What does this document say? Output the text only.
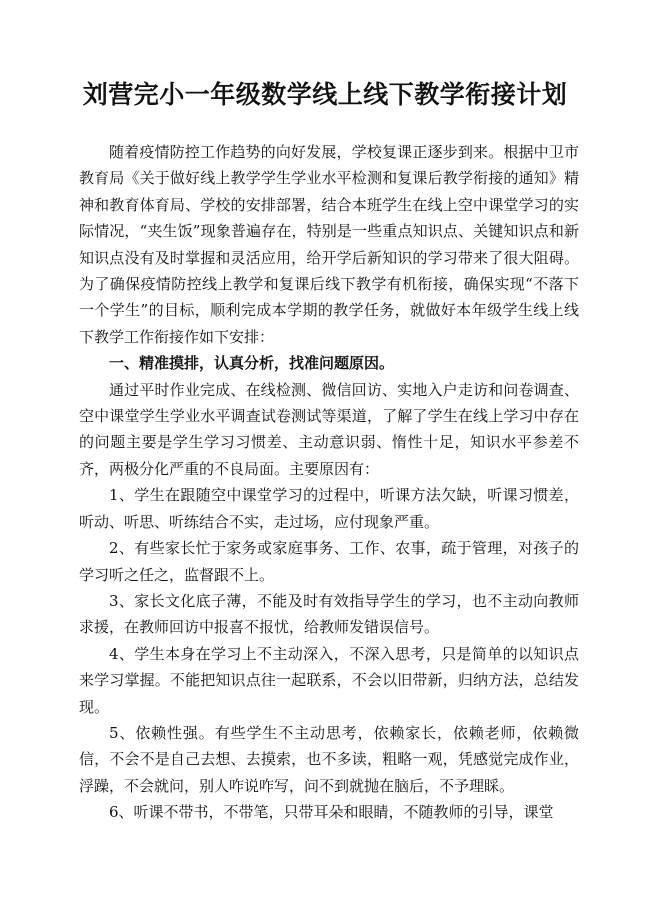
刘营完小一年级数学线上线下教学衔接计划

随着疫情防控工作趋势的向好发展，学校复课正逐步到来。根据中卫市教育局《关于做好线上教学学生学业水平检测和复课后教学衔接的通知》精神和教育体育局、学校的安排部署，结合本班学生在线上空中课堂学习的实际情况，“夹生饭”现象普遍存在，特别是一些重点知识点、关键知识点和新知识点没有及时掌握和灵活应用，给开学后新知识的学习带来了很大阻碍。为了确保疫情防控线上教学和复课后线下教学有机衔接，确保实现“不落下一个学生”的目标，顺利完成本学期的教学任务，就做好本年级学生线上线下教学工作衔接作如下安排：

一、精准摸排，认真分析，找准问题原因。

通过平时作业完成、在线检测、微信回访、实地入户走访和问卷调查、空中课堂学生学业水平调查试卷测试等渠道，了解了学生在线上学习中存在的问题主要是学生学习习惯差、主动意识弱、惰性十足，知识水平参差不齐，两极分化严重的不良局面。主要原因有：

1、学生在跟随空中课堂学习的过程中，听课方法欠缺，听课习惯差，听动、听思、听练结合不实，走过场，应付现象严重。

2、有些家长忙于家务或家庭事务、工作、农事，疏于管理，对孩子的学习听之任之，监督跟不上。

3、家长文化底子薄，不能及时有效指导学生的学习，也不主动向教师求援，在教师回访中报喜不报忧，给教师发错误信号。

4、学生本身在学习上不主动深入，不深入思考，只是简单的以知识点来学习掌握。不能把知识点往一起联系，不会以旧带新，归纳方法，总结发现。

5、依赖性强。有些学生不主动思考，依赖家长，依赖老师，依赖微信，不会不是自己去想、去摸索，也不多读，粗略一观，凭感觉完成作业，浮躁，不会就问，别人咋说咋写，问不到就抛在脑后，不予理睬。

6、听课不带书，不带笔，只带耳朵和眼睛，不随教师的引导，课堂
